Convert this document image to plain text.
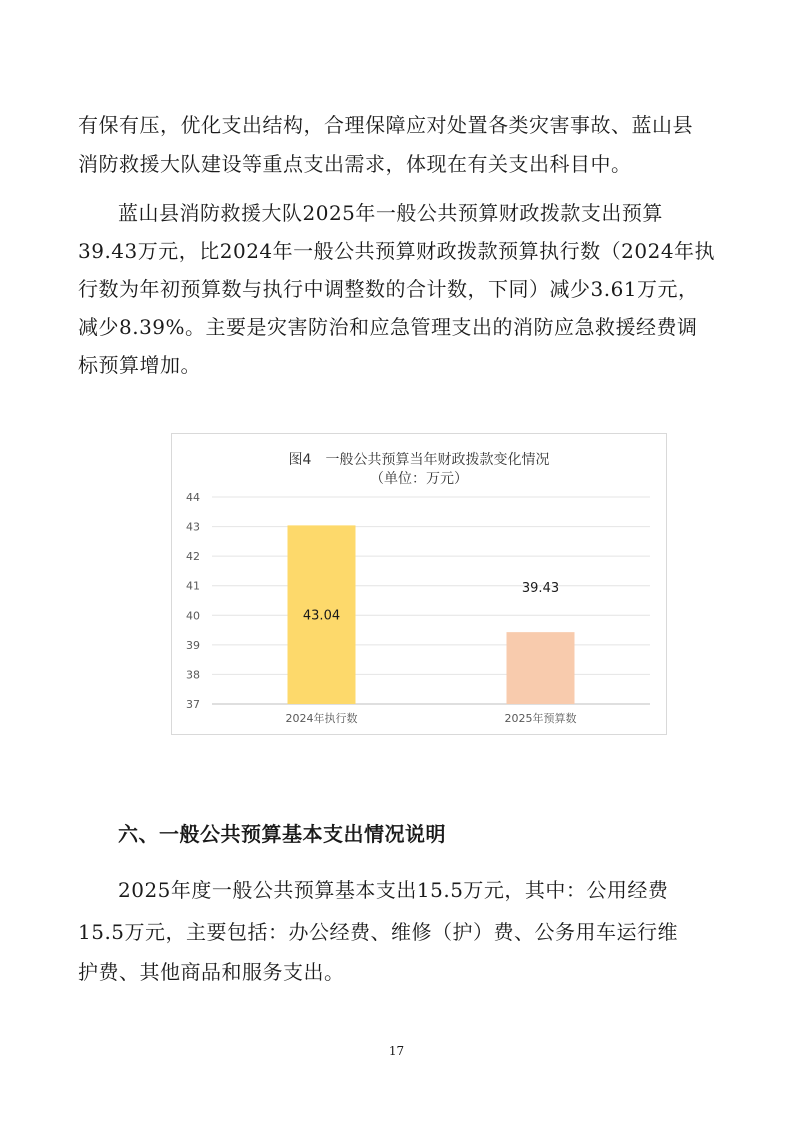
有保有压，优化支出结构，合理保障应对处置各类灾害事故、蓝山县
消防救援大队建设等重点支出需求，体现在有关支出科目中。
蓝山县消防救援大队2025年一般公共预算财政拨款支出预算
39.43万元，比2024年一般公共预算财政拨款预算执行数（2024年执
行数为年初预算数与执行中调整数的合计数，下同）减少3.61万元，
减少8.39%。主要是灾害防治和应急管理支出的消防应急救援经费调
标预算增加。
图4　一般公共预算当年财政拨款变化情况
（单位：万元）
44
43
42
41
40
39
38
37
43.04
39.43
2024年执行数	2025年预算数
六、一般公共预算基本支出情况说明
2025年度一般公共预算基本支出15.5万元，其中：公用经费
15.5万元，主要包括：办公经费、维修（护）费、公务用车运行维
护费、其他商品和服务支出。
17
